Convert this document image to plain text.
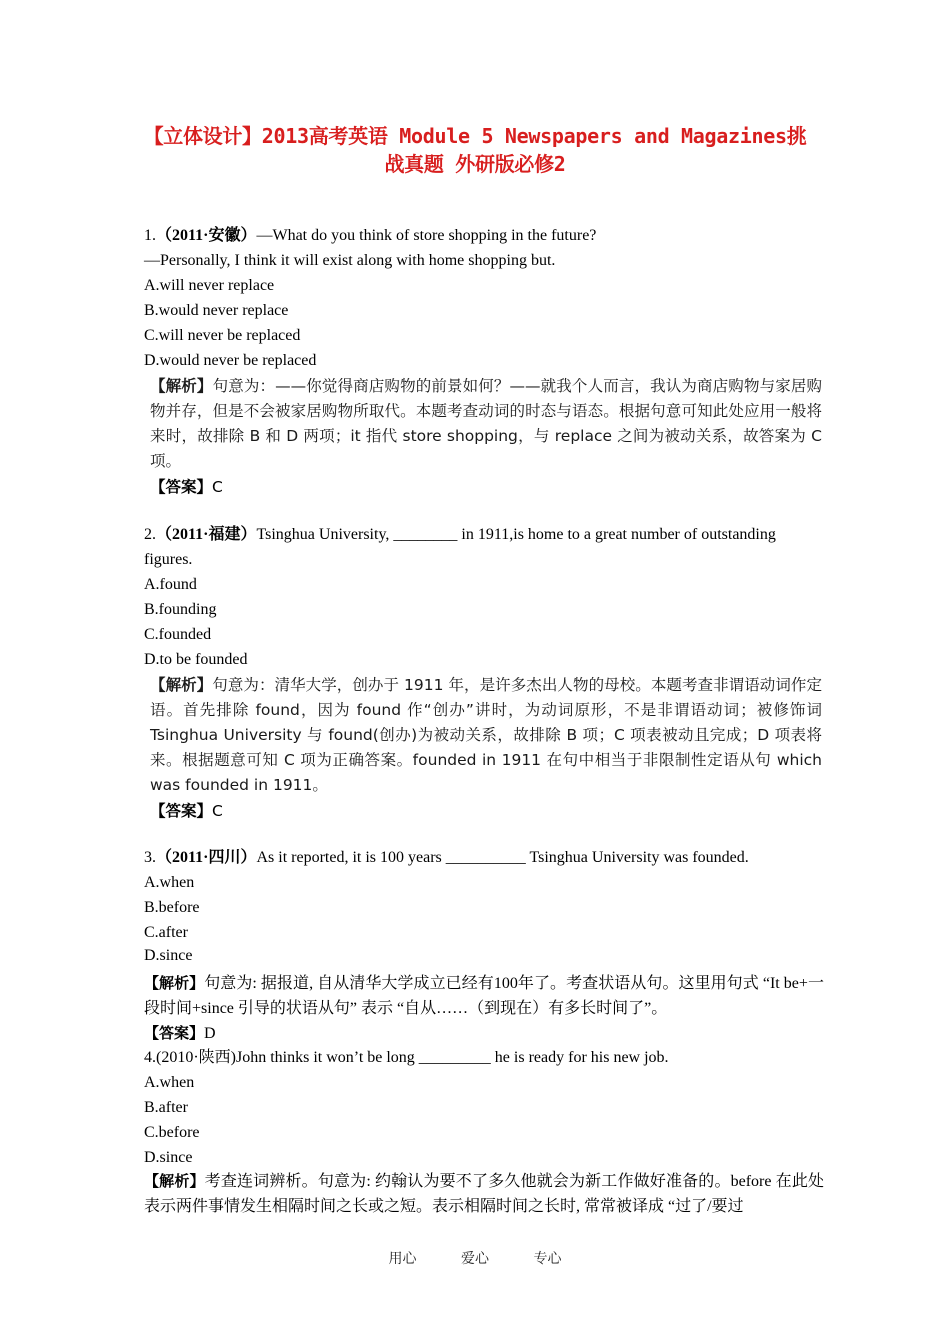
【立体设计】2013高考英语 Module 5 Newspapers and Magazines挑
战真题 外研版必修2
1.（2011·安徽）—What do you think of store shopping in the future?
—Personally, I think it will exist along with home shopping but.
A.will never replace
B.would never replace
C.will never be replaced
D.would never be replaced
【解析】句意为：——你觉得商店购物的前景如何？——就我个人而言，我认为商店购物与家居购物并存，但是不会被家居购物所取代。本题考查动词的时态与语态。根据句意可知此处应用一般将来时，故排除 B 和 D 两项；it 指代 store shopping，与 replace 之间为被动关系，故答案为 C 项。
【答案】C
2.（2011·福建）Tsinghua University, ________ in 1911,is home to a great number of outstanding
figures.
A.found
B.founding
C.founded
D.to be founded
【解析】句意为：清华大学，创办于 1911 年，是许多杰出人物的母校。本题考查非谓语动词作定语。首先排除 found，因为 found 作“创办”讲时，为动词原形，不是非谓语动词；被修饰词 Tsinghua University 与 found(创办)为被动关系，故排除 B 项；C 项表被动且完成；D 项表将来。根据题意可知 C 项为正确答案。founded in 1911 在句中相当于非限制性定语从句 which was founded in 1911。
【答案】C
3.（2011·四川）As it reported, it is 100 years __________ Tsinghua University was founded.
A.when
B.before
C.after
D.since
【解析】句意为: 据报道, 自从清华大学成立已经有100年了。考查状语从句。这里用句式 “It be+一段时间+since 引导的状语从句” 表示 “自从……（到现在）有多长时间了”。
【答案】D
4.(2010·陕西)John thinks it won’t be long _________ he is ready for his new job.
A.when
B.after
C.before
D.since
【解析】考查连词辨析。句意为: 约翰认为要不了多久他就会为新工作做好准备的。before 在此处表示两件事情发生相隔时间之长或之短。表示相隔时间之长时, 常常被译成 “过了/要过
用心	爱心	专心
